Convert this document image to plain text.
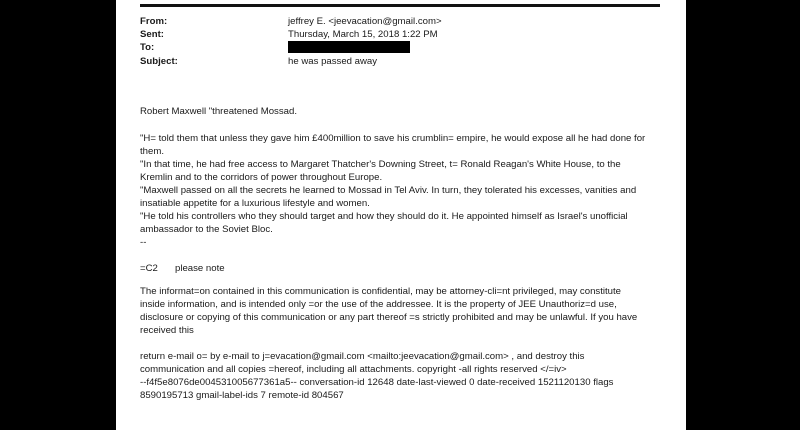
From:	jeffrey E. <jeevacation@gmail.com>
Sent:	Thursday, March 15, 2018 1:22 PM
To:
Subject:	he was passed away
Robert Maxwell "threatened Mossad.
"H= told them that unless they gave him £400million to save his crumblin= empire, he would expose all he had done for
them.
"In that time, he had free access to Margaret Thatcher's Downing Street, t= Ronald Reagan's White House, to the
Kremlin and to the corridors of power throughout Europe.
"Maxwell passed on all the secrets he learned to Mossad in Tel Aviv. In turn, they tolerated his excesses, vanities and
insatiable appetite for a luxurious lifestyle and women.
"He told his controllers who they should target and how they should do it. He appointed himself as Israel's unofficial
ambassador to the Soviet Bloc.
--
=C2 please note
The informat=on contained in this communication is confidential, may be attorney-cli=nt privileged, may constitute
inside information, and is intended only =or the use of the addressee. It is the property of JEE Unauthoriz=d use,
disclosure or copying of this communication or any part thereof =s strictly prohibited and may be unlawful. If you have
received this
return e-mail o= by e-mail to j=evacation@gmail.com <mailto:jeevacation@gmail.com> , and destroy this
communication and all copies =hereof, including all attachments. copyright -all rights reserved </=iv>
--f4f5e8076de004531005677361a5-- conversation-id 12648 date-last-viewed 0 date-received 1521120130 flags
8590195713 gmail-label-ids 7 remote-id 804567
